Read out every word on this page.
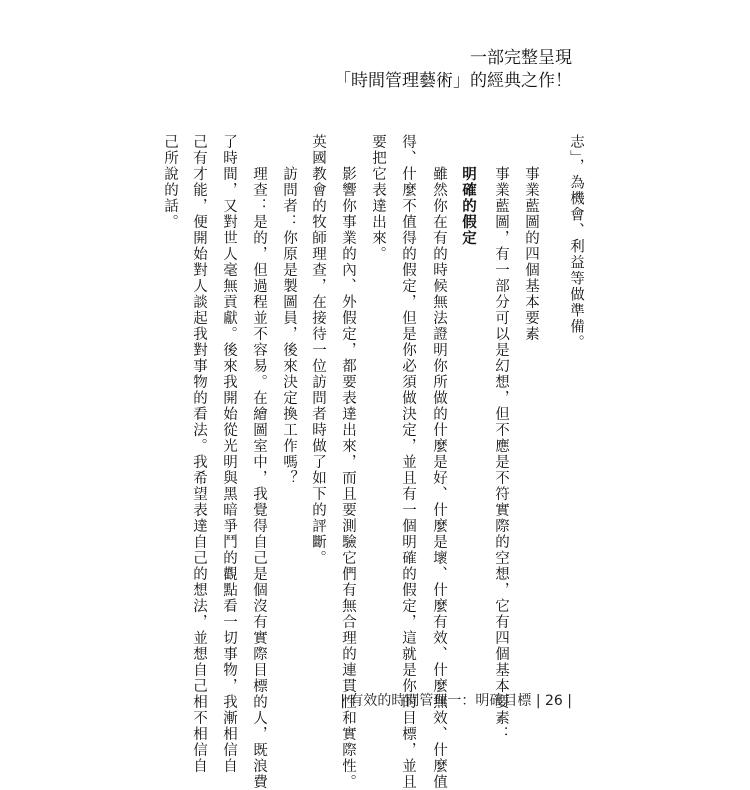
一部完整呈現
「時間管理藝術」的經典之作！
志」，為機會、利益等做準備。
事業藍圖的四個基本要素
事業藍圖，有一部分可以是幻想，但不應是不符實際的空想，它有四個基本要素：
明確的假定
雖然你在有的時候無法證明你所做的什麼是好、什麼是壞、什麼有效、什麼無效、什麼值
得、什麼不值得的假定，但是你必須做決定，並且有一個明確的假定，這就是你的目標，並且
要把它表達出來。
影響你事業的內、外假定，都要表達出來，而且要測驗它們有無合理的連貫性和實際性。
英國教會的牧師理查，在接待一位訪問者時做了如下的評斷。
訪問者：你原是製圖員，後來決定換工作嗎？
理查：是的，但過程並不容易。在繪圖室中，我覺得自己是個沒有實際目標的人，既浪費
了時間，又對世人毫無貢獻。後來我開始從光明與黑暗爭鬥的觀點看一切事物，我漸相信自
己有才能，便開始對人談起我對事物的看法。我希望表達自己的想法，並想自己相不相信自
己所說的話。
| 有效的時間管理一：明確目標 | 26 |
